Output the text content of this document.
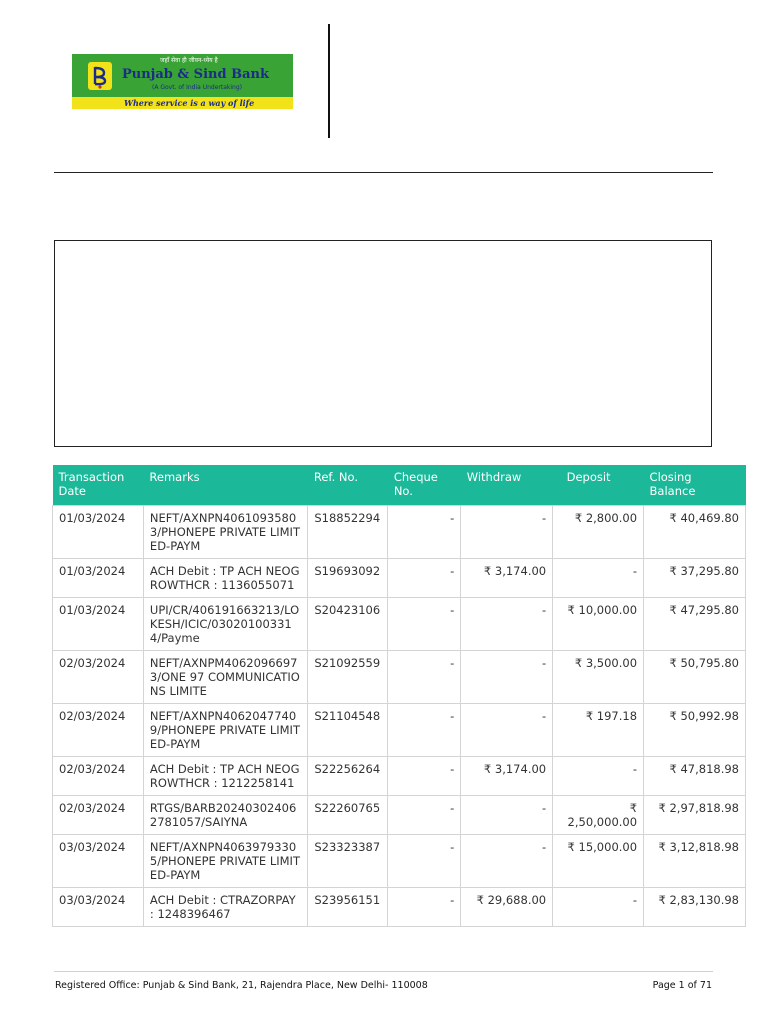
जहाँ सेवा ही जीवन-ध्येय है
Punjab & Sind Bank
(A Govt. of India Undertaking)
Where service is a way of life
Transaction Date	Remarks	Ref. No.	Cheque No.	Withdraw	Deposit	Closing Balance
01/03/2024	NEFT/AXNPN40610935803/PHONEPE PRIVATE LIMITED-PAYM	S18852294	-	-	₹ 2,800.00	₹ 40,469.80
01/03/2024	ACH Debit : TP ACH NEOGROWTHCR : 1136055071	S19693092	-	₹ 3,174.00	-	₹ 37,295.80
01/03/2024	UPI/CR/406191663213/LOKESH/ICIC/030201003314/Payme	S20423106	-	-	₹ 10,000.00	₹ 47,295.80
02/03/2024	NEFT/AXNPM40620966973/ONE 97 COMMUNICATIONS LIMITE	S21092559	-	-	₹ 3,500.00	₹ 50,795.80
02/03/2024	NEFT/AXNPN40620477409/PHONEPE PRIVATE LIMITED-PAYM	S21104548	-	-	₹ 197.18	₹ 50,992.98
02/03/2024	ACH Debit : TP ACH NEOGROWTHCR : 1212258141	S22256264	-	₹ 3,174.00	-	₹ 47,818.98
02/03/2024	RTGS/BARB202403024062781057/SAIYNA	S22260765	-	-	₹ 2,50,000.00	₹ 2,97,818.98
03/03/2024	NEFT/AXNPN40639793305/PHONEPE PRIVATE LIMITED-PAYM	S23323387	-	-	₹ 15,000.00	₹ 3,12,818.98
03/03/2024	ACH Debit : CTRAZORPAY : 1248396467	S23956151	-	₹ 29,688.00	-	₹ 2,83,130.98
Registered Office: Punjab & Sind Bank, 21, Rajendra Place, New Delhi- 110008	Page 1 of 71
